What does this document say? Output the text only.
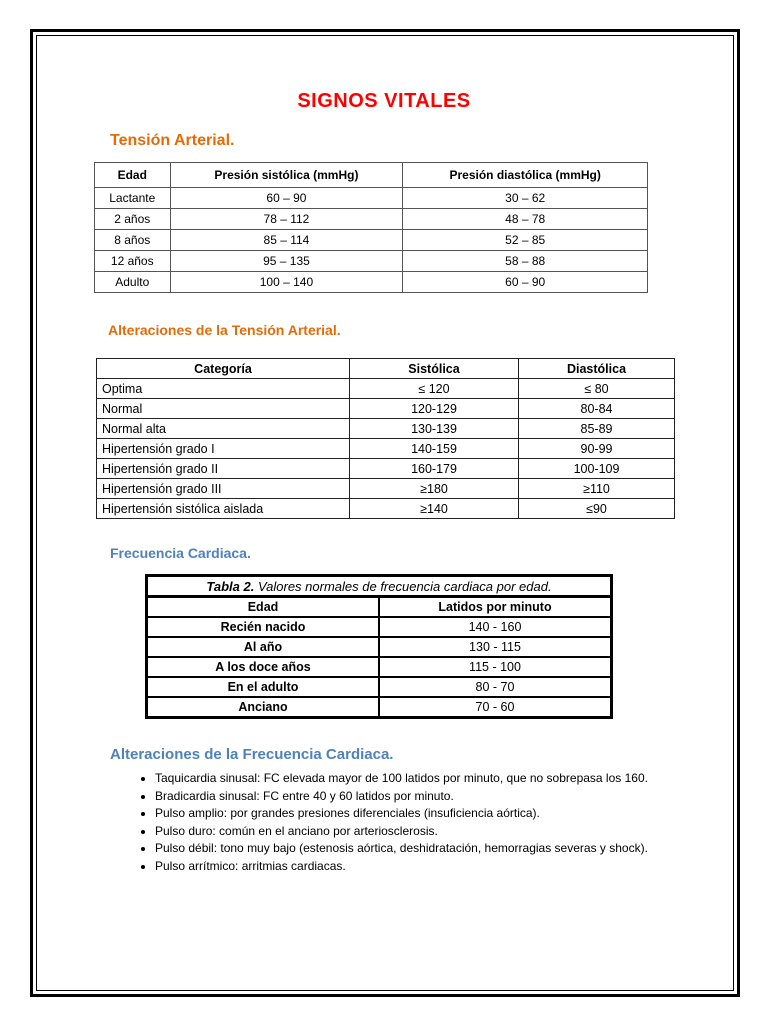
SIGNOS VITALES
Tensión Arterial.
Edad	Presión sistólica (mmHg)	Presión diastólica (mmHg)
Lactante	60 – 90	30 – 62
2 años	78 – 112	48 – 78
8 años	85 – 114	52 – 85
12 años	95 – 135	58 – 88
Adulto	100 – 140	60 – 90
Alteraciones de la Tensión Arterial.
Categoría	Sistólica	Diastólica
Optima	≤ 120	≤ 80
Normal	120-129	80-84
Normal alta	130-139	85-89
Hipertensión grado I	140-159	90-99
Hipertensión grado II	160-179	100-109
Hipertensión grado III	≥180	≥110
Hipertensión sistólica aislada	≥140	≤90
Frecuencia Cardiaca.
Tabla 2. Valores normales de frecuencia cardiaca por edad.	
Edad	Latidos por minuto
Recién nacido	140 - 160
Al año	130 - 115
A los doce años	115 - 100
En el adulto	80 - 70
Anciano	70 - 60
Alteraciones de la Frecuencia Cardiaca.
• Taquicardia sinusal: FC elevada mayor de 100 latidos por minuto, que no sobrepasa los 160.
• Bradicardia sinusal: FC entre 40 y 60 latidos por minuto.
• Pulso amplio: por grandes presiones diferenciales (insuficiencia aórtica).
• Pulso duro: común en el anciano por arteriosclerosis.
• Pulso débil: tono muy bajo (estenosis aórtica, deshidratación, hemorragias severas y shock).
• Pulso arrítmico: arritmias cardiacas.
